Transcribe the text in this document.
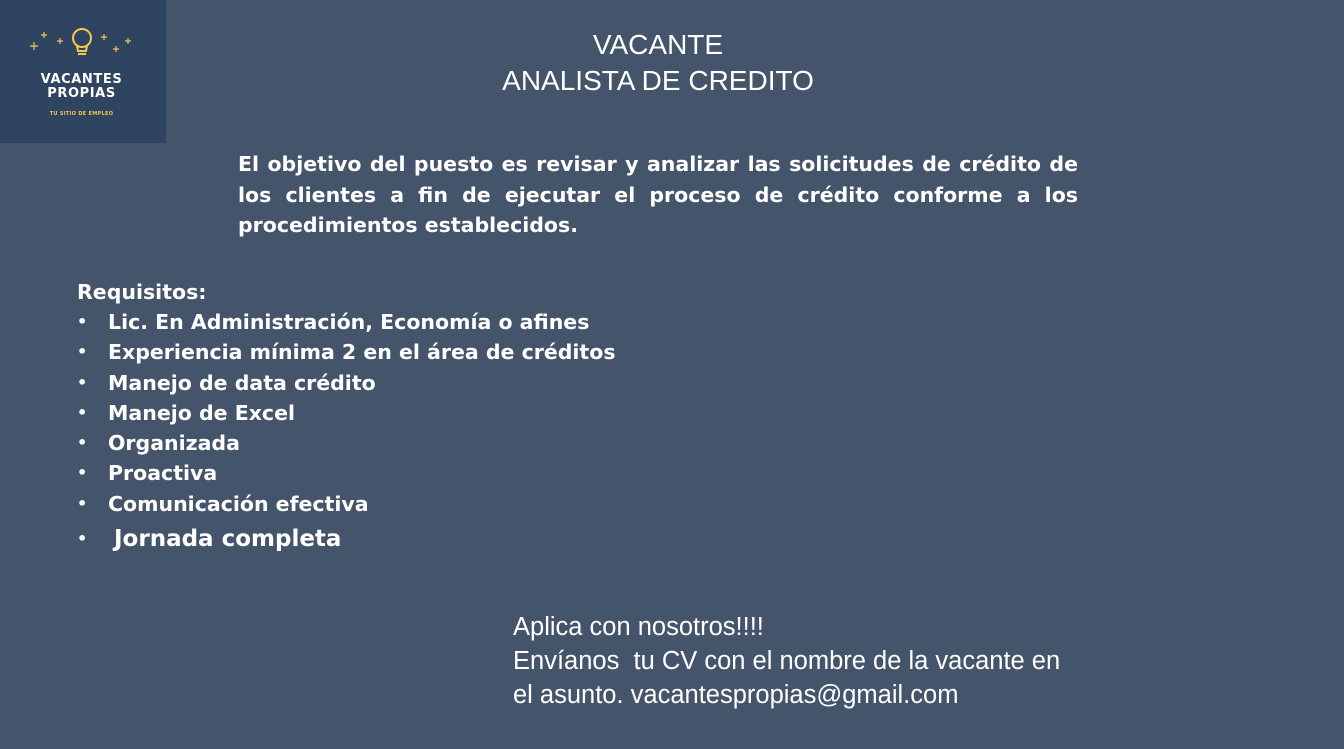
VACANTES
PROPIAS
TU SITIO DE EMPLEO
VACANTE
ANALISTA DE CREDITO
El objetivo del puesto es revisar y analizar las solicitudes de crédito de los clientes a fin de ejecutar el proceso de crédito conforme a los procedimientos establecidos.
Requisitos:
• Lic. En Administración, Economía o afines
• Experiencia mínima 2 en el área de créditos
• Manejo de data crédito
• Manejo de Excel
• Organizada
• Proactiva
• Comunicación efectiva
• Jornada completa
Aplica con nosotros!!!!
Envíanos  tu CV con el nombre de la vacante en
el asunto. vacantespropias@gmail.com
